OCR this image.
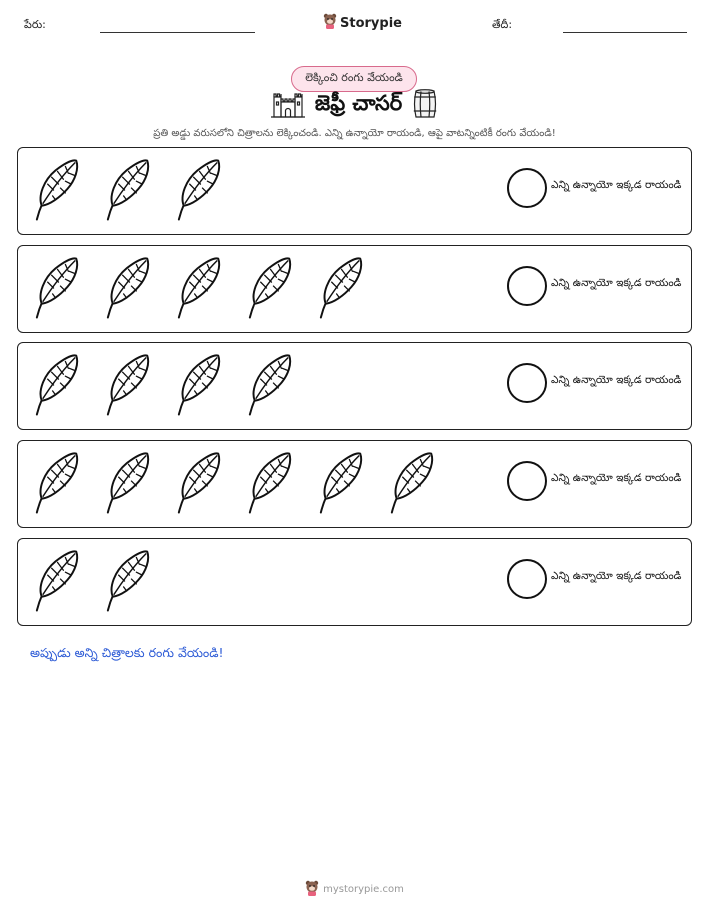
పేరు:	Storypie	తేదీ:
లెక్కించి రంగు వేయండి
జెఫ్రీ చాసర్
ప్రతి అడ్డు వరుసలోని చిత్రాలను లెక్కించండి. ఎన్ని ఉన్నాయో రాయండి, ఆపై వాటన్నింటికీ రంగు వేయండి!
ఎన్ని ఉన్నాయో ఇక్కడ రాయండి
ఎన్ని ఉన్నాయో ఇక్కడ రాయండి
ఎన్ని ఉన్నాయో ఇక్కడ రాయండి
ఎన్ని ఉన్నాయో ఇక్కడ రాయండి
ఎన్ని ఉన్నాయో ఇక్కడ రాయండి
అప్పుడు అన్ని చిత్రాలకు రంగు వేయండి!
mystorypie.com
